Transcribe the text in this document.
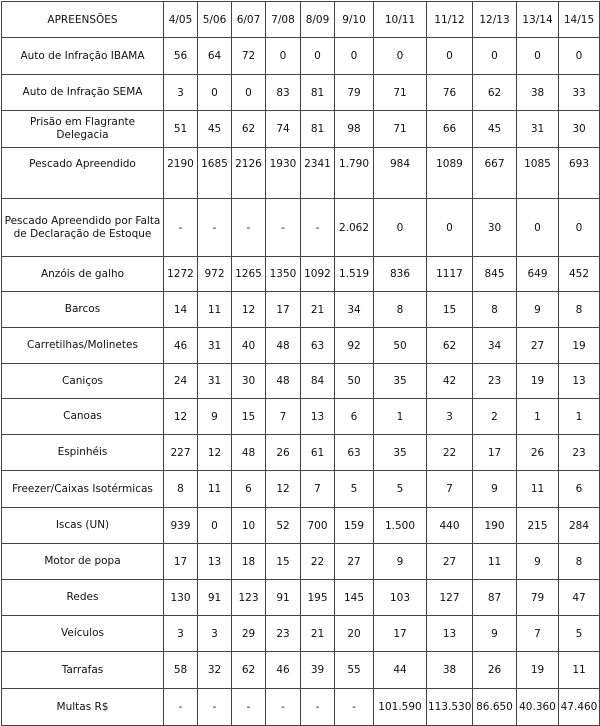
APREENSÕES	4/05	5/06	6/07	7/08	8/09	9/10	10/11	11/12	12/13	13/14	14/15
Auto de Infração IBAMA	56	64	72	0	0	0	0	0	0	0	0
Auto de Infração SEMA	3	0	0	83	81	79	71	76	62	38	33
Prisão em Flagrante Delegacia	51	45	62	74	81	98	71	66	45	31	30
Pescado Apreendido	2190	1685	2126	1930	2341	1.790	984	1089	667	1085	693
Pescado Apreendido por Falta de Declaração de Estoque	-	-	-	-	-	2.062	0	0	30	0	0
Anzóis de galho	1272	972	1265	1350	1092	1.519	836	1117	845	649	452
Barcos	14	11	12	17	21	34	8	15	8	9	8
Carretilhas/Molinetes	46	31	40	48	63	92	50	62	34	27	19
Caniços	24	31	30	48	84	50	35	42	23	19	13
Canoas	12	9	15	7	13	6	1	3	2	1	1
Espinhéis	227	12	48	26	61	63	35	22	17	26	23
Freezer/Caixas Isotérmicas	8	11	6	12	7	5	5	7	9	11	6
Iscas (UN)	939	0	10	52	700	159	1.500	440	190	215	284
Motor de popa	17	13	18	15	22	27	9	27	11	9	8
Redes	130	91	123	91	195	145	103	127	87	79	47
Veículos	3	3	29	23	21	20	17	13	9	7	5
Tarrafas	58	32	62	46	39	55	44	38	26	19	11
Multas R$	-	-	-	-	-	-	101.590	113.530	86.650	40.360	47.460
